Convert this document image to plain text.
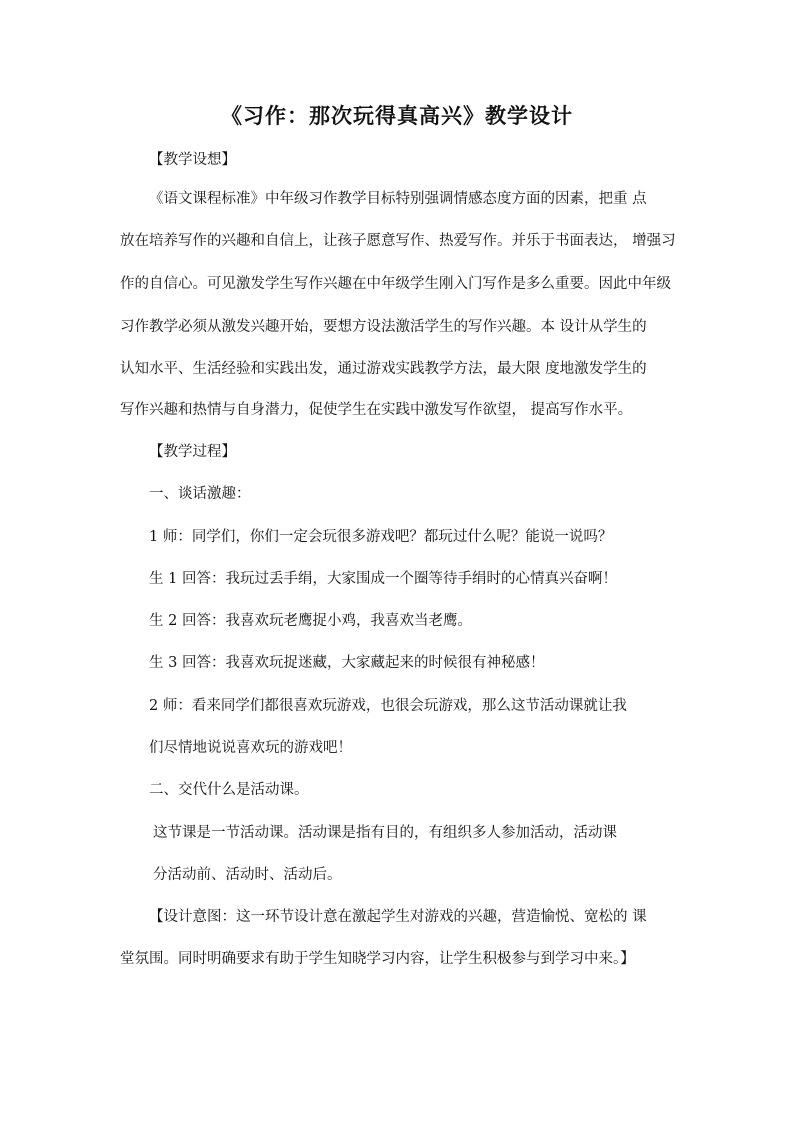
《习作：那次玩得真高兴》教学设计

【教学设想】

《语文课程标准》中年级习作教学目标特别强调情感态度方面的因素，把重 点

放在培养写作的兴趣和自信上，让孩子愿意写作、热爱写作。并乐于书面表达， 增强习

作的自信心。可见激发学生写作兴趣在中年级学生刚入门写作是多么重要。因此中年级

习作教学必须从激发兴趣开始，要想方设法激活学生的写作兴趣。本 设计从学生的

认知水平、生活经验和实践出发，通过游戏实践教学方法，最大限 度地激发学生的

写作兴趣和热情与自身潜力，促使学生在实践中激发写作欲望， 提高写作水平。

【教学过程】

一、谈话激趣：

1 师：同学们，你们一定会玩很多游戏吧？都玩过什么呢？能说一说吗？

生 1 回答：我玩过丢手绢，大家围成一个圈等待手绢时的心情真兴奋啊！

生 2 回答：我喜欢玩老鹰捉小鸡，我喜欢当老鹰。

生 3 回答：我喜欢玩捉迷藏，大家藏起来的时候很有神秘感！

2 师：看来同学们都很喜欢玩游戏，也很会玩游戏，那么这节活动课就让我

们尽情地说说喜欢玩的游戏吧！

二、交代什么是活动课。

这节课是一节活动课。活动课是指有目的，有组织多人参加活动，活动课

分活动前、活动时、活动后。

【设计意图：这一环节设计意在激起学生对游戏的兴趣，营造愉悦、宽松的 课

堂氛围。同时明确要求有助于学生知晓学习内容，让学生积极参与到学习中来。】
